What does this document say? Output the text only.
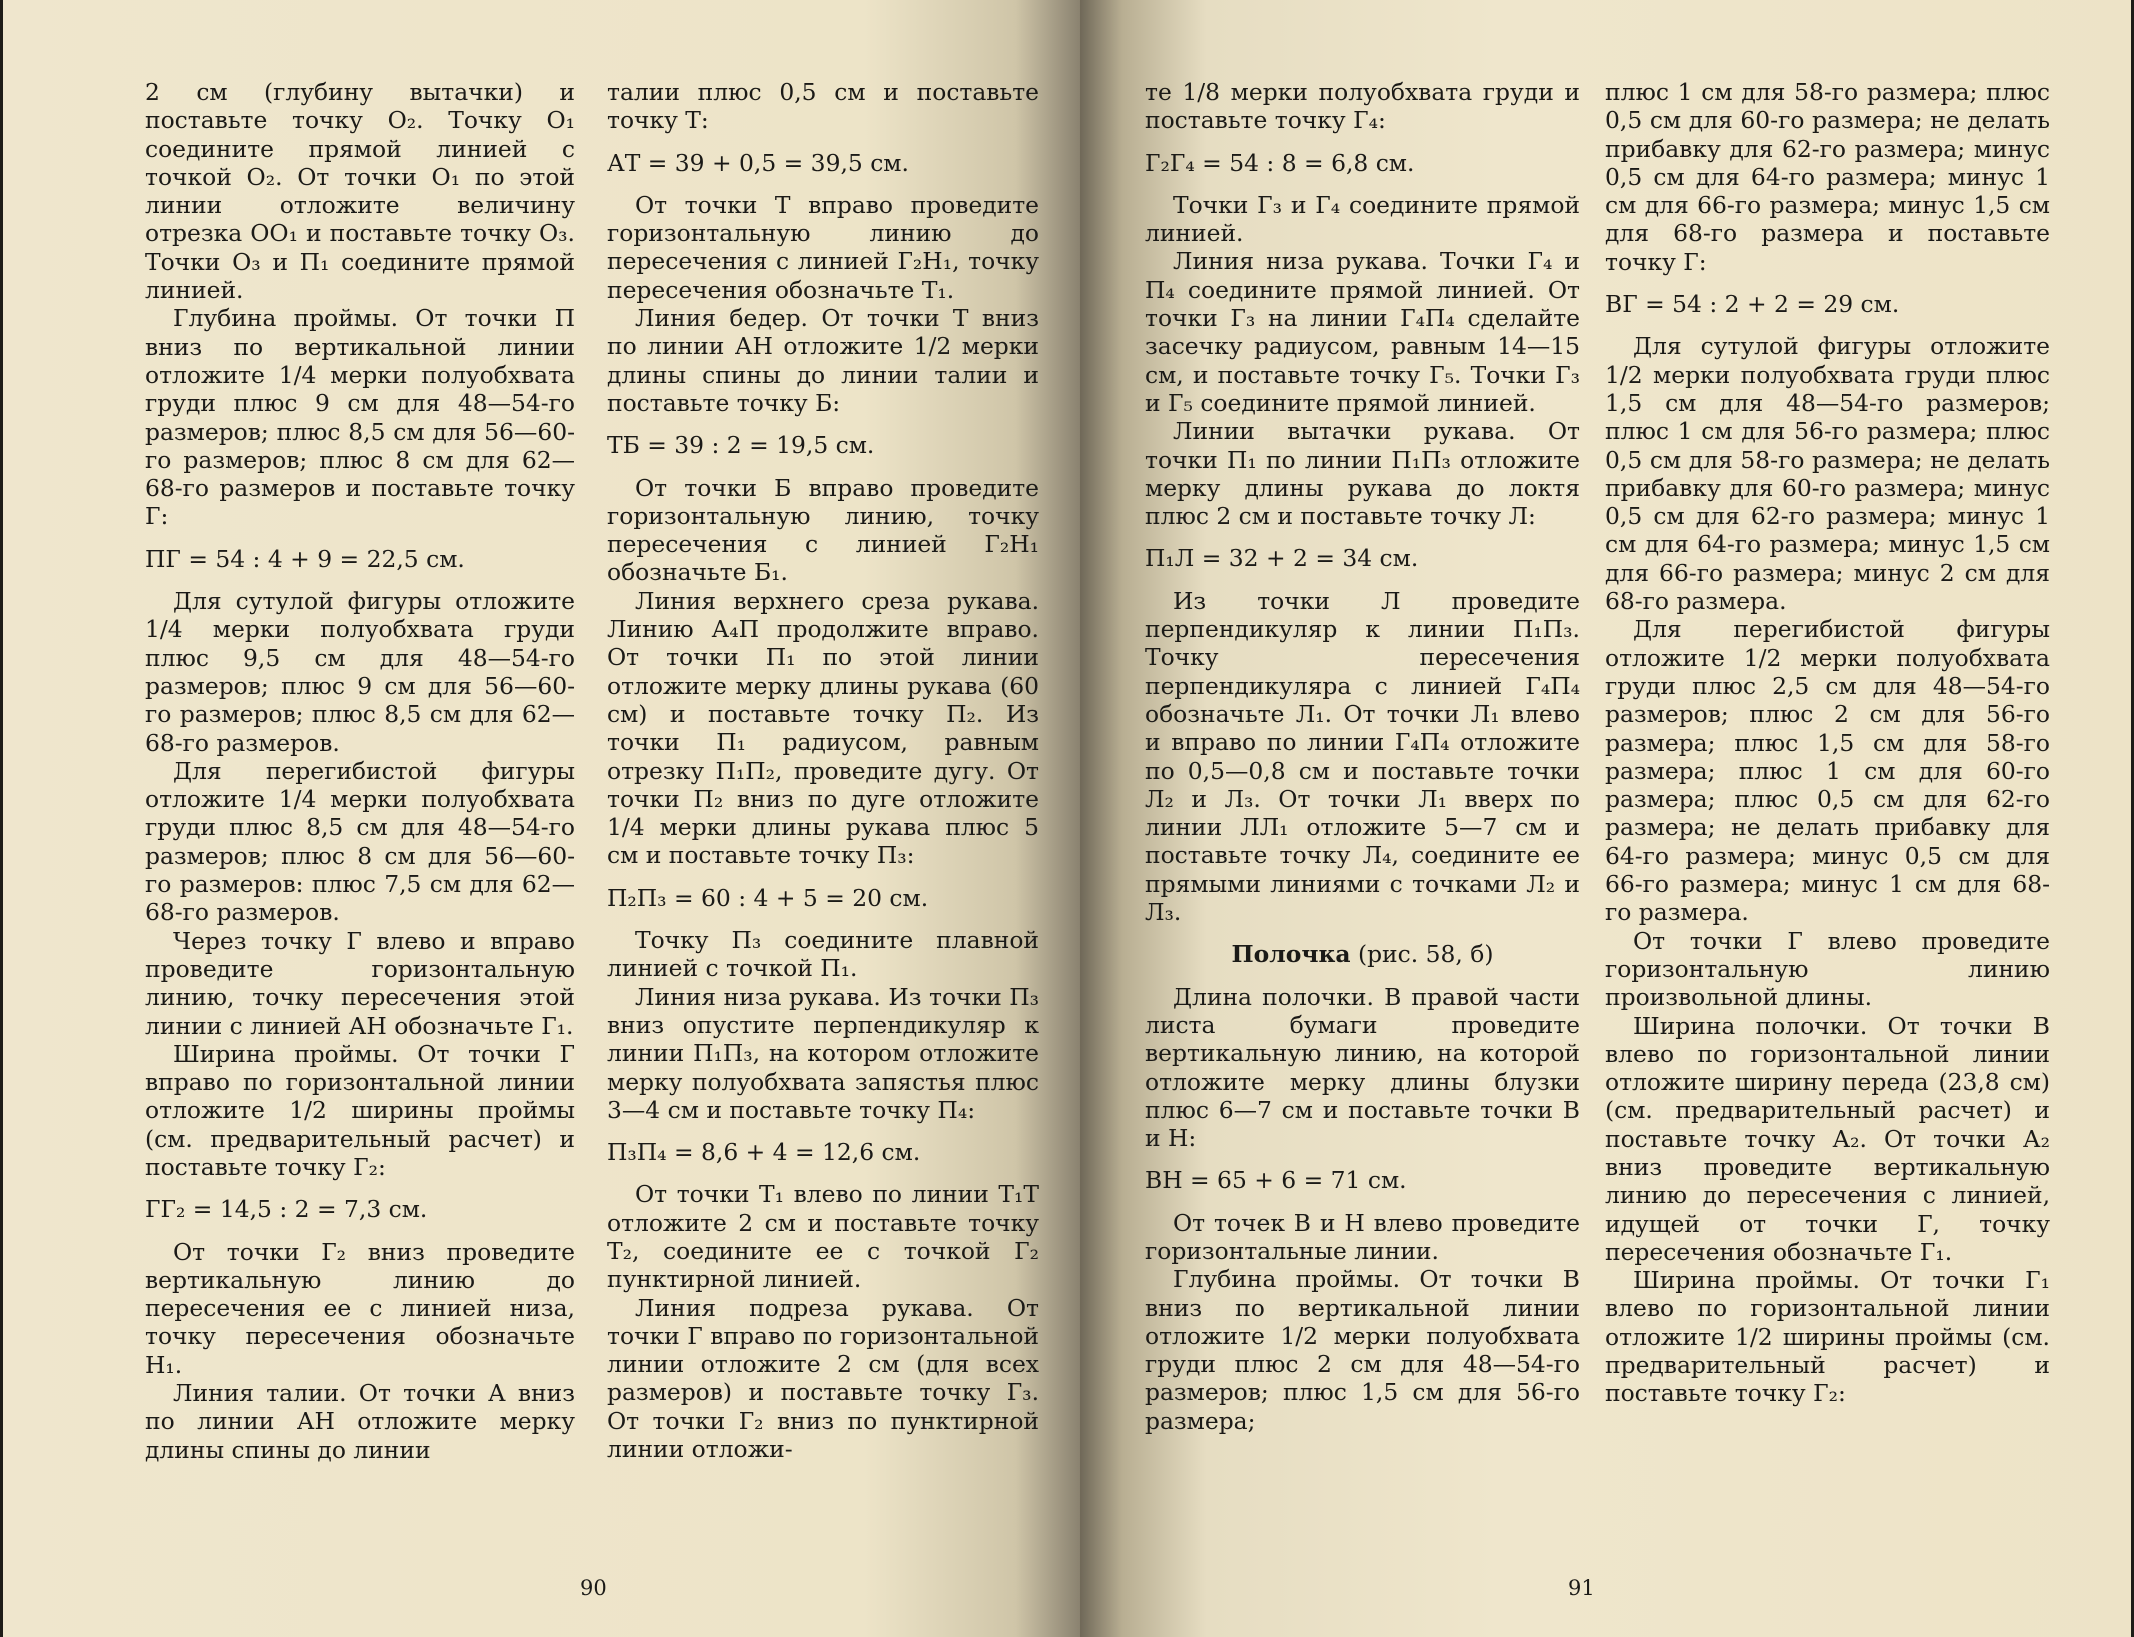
2 см (глубину вытачки) и поставьте точку O₂. Точку O₁ соедините прямой линией с точкой O₂. От точки O₁ по этой линии отложите величину отрезка OO₁ и поставьте точку O₃. Точки O₃ и П₁ соедините прямой линией.

Глубина проймы. От точки П вниз по вертикальной линии отложите 1/4 мерки полуобхвата груди плюс 9 см для 48—54-го размеров; плюс 8,5 см для 56—60-го размеров; плюс 8 см для 62—68-го размеров и поставьте точку Г:

ПГ = 54 : 4 + 9 = 22,5 см.

Для сутулой фигуры отложите 1/4 мерки полуобхвата груди плюс 9,5 см для 48—54-го размеров; плюс 9 см для 56—60-го размеров; плюс 8,5 см для 62—68-го размеров.

Для перегибистой фигуры отложите 1/4 мерки полуобхвата груди плюс 8,5 см для 48—54-го размеров; плюс 8 см для 56—60-го размеров: плюс 7,5 см для 62—68-го размеров.

Через точку Г влево и вправо проведите горизонтальную линию, точку пересечения этой линии с линией АН обозначьте Г₁.

Ширина проймы. От точки Г вправо по горизонтальной линии отложите 1/2 ширины проймы (см. предварительный расчет) и поставьте точку Г₂:

ГГ₂ = 14,5 : 2 = 7,3 см.

От точки Г₂ вниз проведите вертикальную линию до пересечения ее с линией низа, точку пересечения обозначьте Н₁.

Линия талии. От точки А вниз по линии АН отложите мерку длины спины до линии

талии плюс 0,5 см и поставьте точку Т:

АТ = 39 + 0,5 = 39,5 см.

От точки Т вправо проведите горизонтальную линию до пересечения с линией Г₂Н₁, точку пересечения обозначьте Т₁.

Линия бедер. От точки Т вниз по линии АН отложите 1/2 мерки длины спины до линии талии и поставьте точку Б:

ТБ = 39 : 2 = 19,5 см.

От точки Б вправо проведите горизонтальную линию, точку пересечения с линией Г₂Н₁ обозначьте Б₁.

Линия верхнего среза рукава. Линию А₄П продолжите вправо. От точки П₁ по этой линии отложите мерку длины рукава (60 см) и поставьте точку П₂. Из точки П₁ радиусом, равным отрезку П₁П₂, проведите дугу. От точки П₂ вниз по дуге отложите 1/4 мерки длины рукава плюс 5 см и поставьте точку П₃:

П₂П₃ = 60 : 4 + 5 = 20 см.

Точку П₃ соедините плавной линией с точкой П₁.

Линия низа рукава. Из точки П₃ вниз опустите перпендикуляр к линии П₁П₃, на котором отложите мерку полуобхвата запястья плюс 3—4 см и поставьте точку П₄:

П₃П₄ = 8,6 + 4 = 12,6 см.

От точки Т₁ влево по линии Т₁Т отложите 2 см и поставьте точку Т₂, соедините ее с точкой Г₂ пунктирной линией.

Линия подреза рукава. От точки Г вправо по горизонтальной линии отложите 2 см (для всех размеров) и поставьте точку Г₃. От точки Г₂ вниз по пунктирной линии отложи-

90

те 1/8 мерки полуобхвата груди и поставьте точку Г₄:

Г₂Г₄ = 54 : 8 = 6,8 см.

Точки Г₃ и Г₄ соедините прямой линией.

Линия низа рукава. Точки Г₄ и П₄ соедините прямой линией. От точки Г₃ на линии Г₄П₄ сделайте засечку радиусом, равным 14—15 см, и поставьте точку Г₅. Точки Г₃ и Г₅ соедините прямой линией.

Линии вытачки рукава. От точки П₁ по линии П₁П₃ отложите мерку длины рукава до локтя плюс 2 см и поставьте точку Л:

П₁Л = 32 + 2 = 34 см.

Из точки Л проведите перпендикуляр к линии П₁П₃. Точку пересечения перпендикуляра с линией Г₄П₄ обозначьте Л₁. От точки Л₁ влево и вправо по линии Г₄П₄ отложите по 0,5—0,8 см и поставьте точки Л₂ и Л₃. От точки Л₁ вверх по линии ЛЛ₁ отложите 5—7 см и поставьте точку Л₄, соедините ее прямыми линиями с точками Л₂ и Л₃.

Полочка (рис. 58, б)

Длина полочки. В правой части листа бумаги проведите вертикальную линию, на которой отложите мерку длины блузки плюс 6—7 см и поставьте точки В и Н:

ВН = 65 + 6 = 71 см.

От точек В и Н влево проведите горизонтальные линии.

Глубина проймы. От точки В вниз по вертикальной линии отложите 1/2 мерки полуобхвата груди плюс 2 см для 48—54-го размеров; плюс 1,5 см для 56-го размера;

плюс 1 см для 58-го размера; плюс 0,5 см для 60-го размера; не делать прибавку для 62-го размера; минус 0,5 см для 64-го размера; минус 1 см для 66-го размера; минус 1,5 см для 68-го размера и поставьте точку Г:

ВГ = 54 : 2 + 2 = 29 см.

Для сутулой фигуры отложите 1/2 мерки полуобхвата груди плюс 1,5 см для 48—54-го размеров; плюс 1 см для 56-го размера; плюс 0,5 см для 58-го размера; не делать прибавку для 60-го размера; минус 0,5 см для 62-го размера; минус 1 см для 64-го размера; минус 1,5 см для 66-го размера; минус 2 см для 68-го размера.

Для перегибистой фигуры отложите 1/2 мерки полуобхвата груди плюс 2,5 см для 48—54-го размеров; плюс 2 см для 56-го размера; плюс 1,5 см для 58-го размера; плюс 1 см для 60-го размера; плюс 0,5 см для 62-го размера; не делать прибавку для 64-го размера; минус 0,5 см для 66-го размера; минус 1 см для 68-го размера.

От точки Г влево проведите горизонтальную линию произвольной длины.

Ширина полочки. От точки В влево по горизонтальной линии отложите ширину переда (23,8 см) (см. предварительный расчет) и поставьте точку А₂. От точки А₂ вниз проведите вертикальную линию до пересечения с линией, идущей от точки Г, точку пересечения обозначьте Г₁.

Ширина проймы. От точки Г₁ влево по горизонтальной линии отложите 1/2 ширины проймы (см. предварительный расчет) и поставьте точку Г₂:

91
